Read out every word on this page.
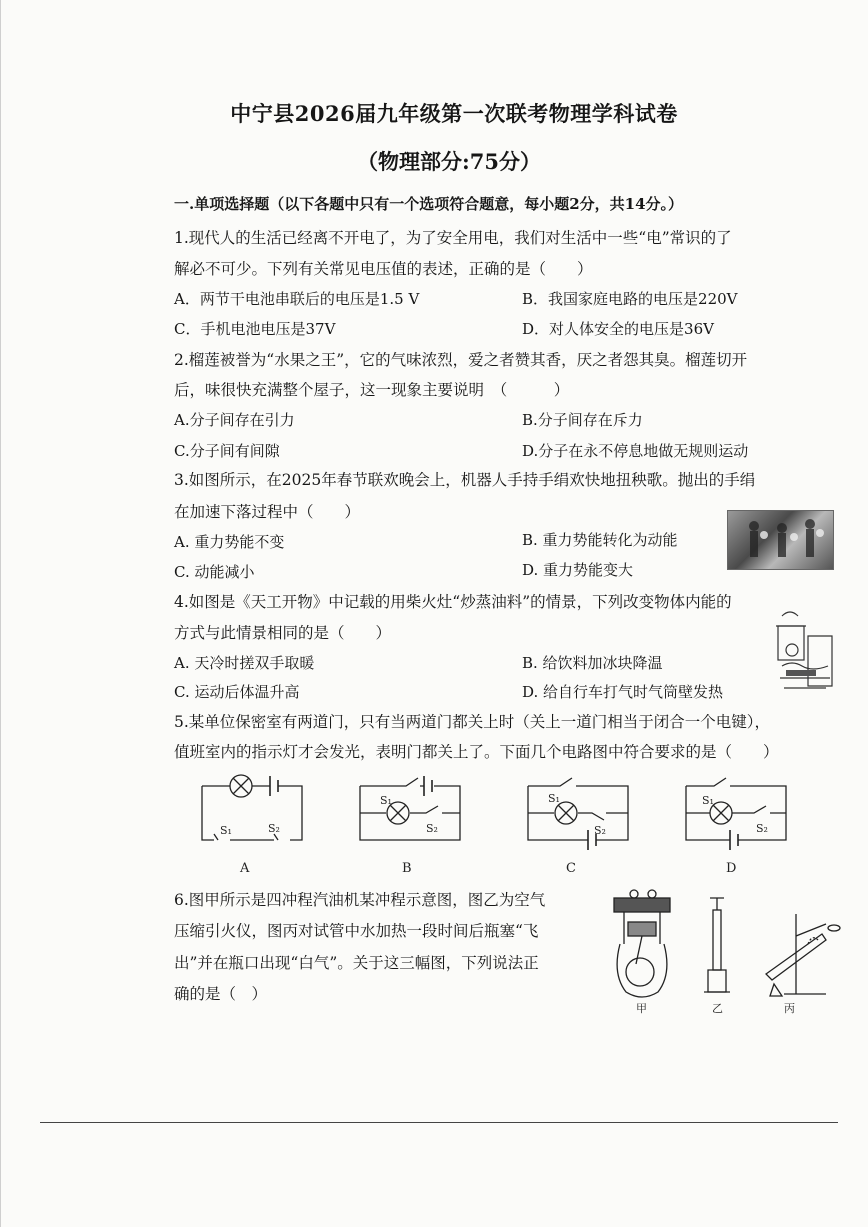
中宁县2026届九年级第一次联考物理学科试卷
（物理部分:75分）
一.单项选择题（以下各题中只有一个选项符合题意，每小题2分，共14分。）
1.现代人的生活已经离不开电了，为了安全用电，我们对生活中一些“电”常识的了
解必不可少。下列有关常见电压值的表述，正确的是（　　）
A．两节干电池串联后的电压是1.5 V	B．我国家庭电路的电压是220V
C．手机电池电压是37V	D．对人体安全的电压是36V
2.榴莲被誉为“水果之王”，它的气味浓烈，爱之者赞其香，厌之者怨其臭。榴莲切开
后，味很快充满整个屋子，这一现象主要说明　（　　　）
A.分子间存在引力	B.分子间存在斥力
C.分子间有间隙	D.分子在永不停息地做无规则运动
3.如图所示，在2025年春节联欢晚会上，机器人手持手绢欢快地扭秧歌。抛出的手绢
在加速下落过程中（　　）
A. 重力势能不变	B. 重力势能转化为动能
C. 动能减小	D. 重力势能变大
4.如图是《天工开物》中记载的用柴火灶“炒蒸油料”的情景，下列改变物体内能的
方式与此情景相同的是（　　）
A. 天冷时搓双手取暖	B. 给饮料加冰块降温
C. 运动后体温升高	D. 给自行车打气时气筒壁发热
5.某单位保密室有两道门，只有当两道门都关上时（关上一道门相当于闭合一个电键），
值班室内的指示灯才会发光，表明门都关上了。下面几个电路图中符合要求的是（　　）
S₁	S₂
S₁
S₂
S₁
S₂
S₁
S₂
A	B	C	D
6.图甲所示是四冲程汽油机某冲程示意图，图乙为空气
压缩引火仪，图丙对试管中水加热一段时间后瓶塞“飞
出”并在瓶口出现“白气”。关于这三幅图，下列说法正
确的是（　）
甲	乙	丙
